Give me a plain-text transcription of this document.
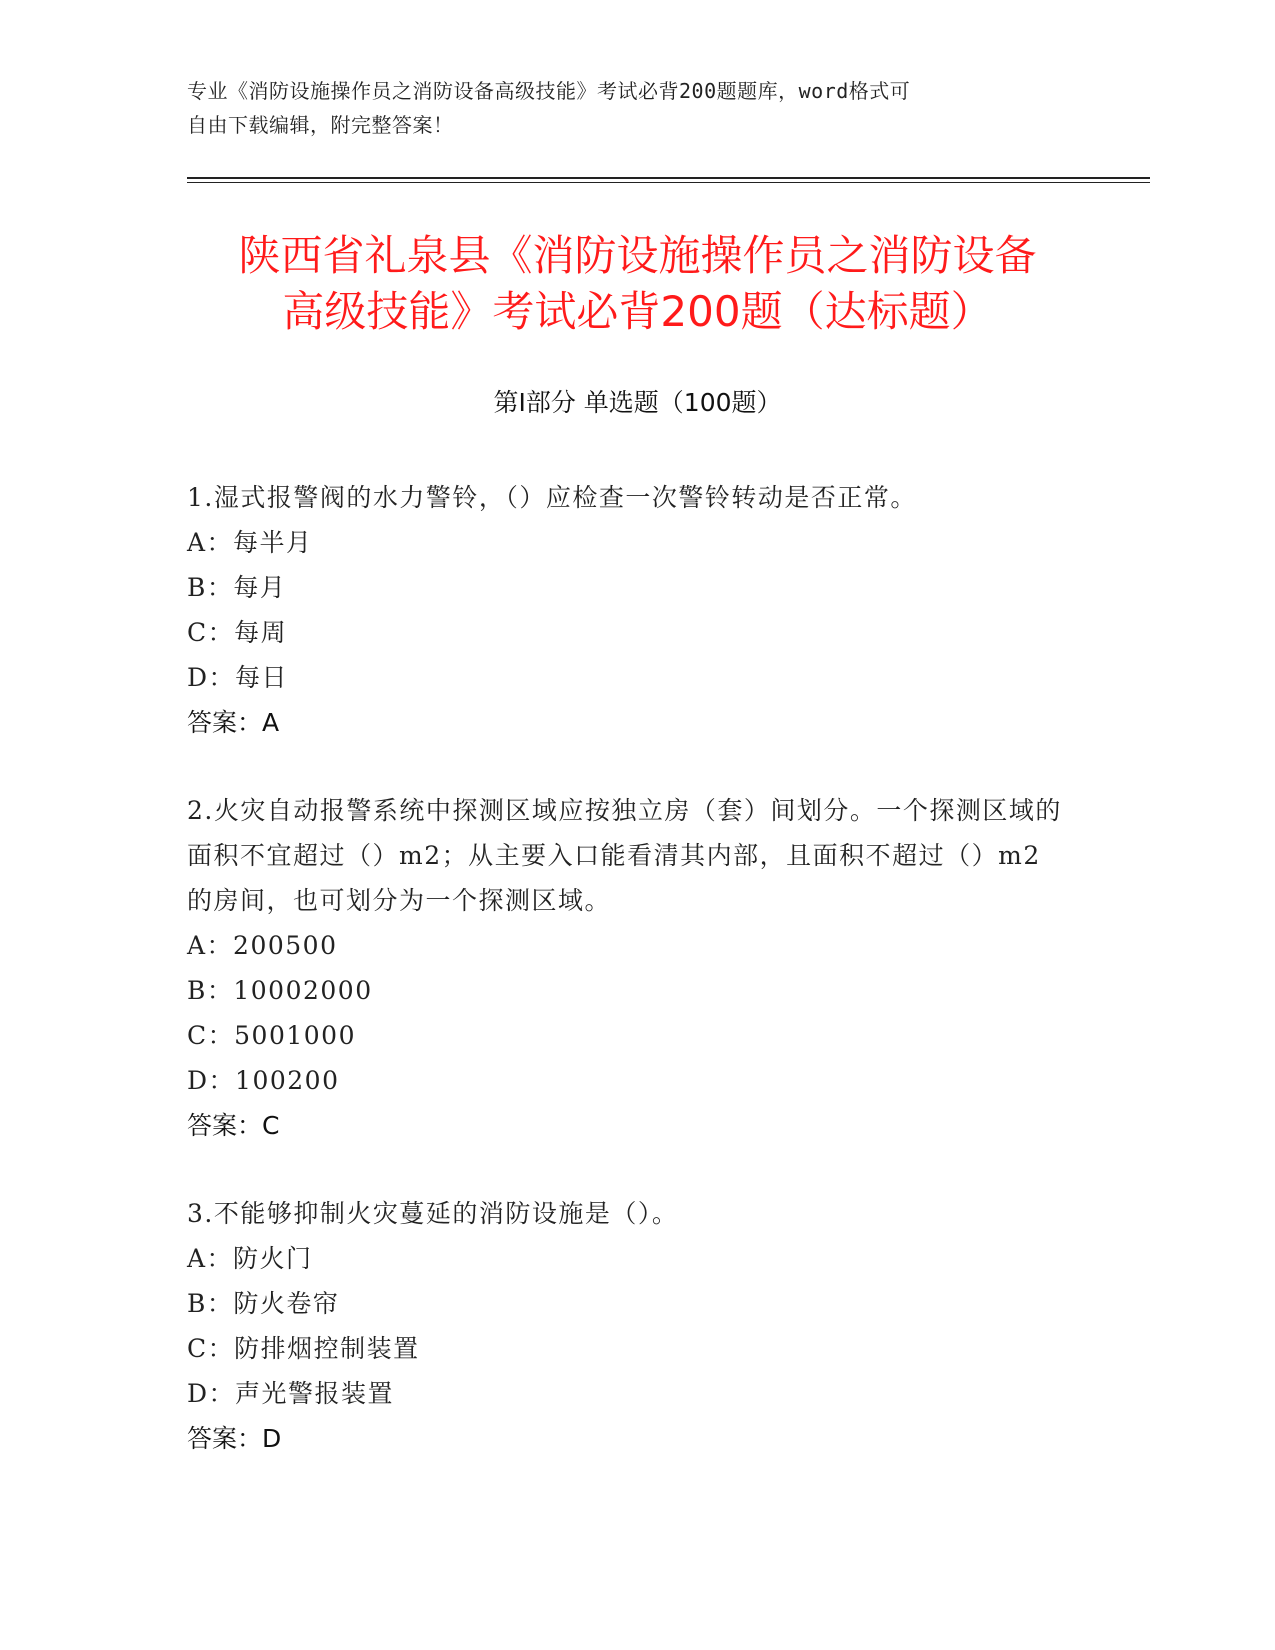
专业《消防设施操作员之消防设备高级技能》考试必背200题题库，word格式可
自由下载编辑，附完整答案！
陕西省礼泉县《消防设施操作员之消防设备
高级技能》考试必背200题（达标题）
第Ⅰ部分 单选题（100题）
1.湿式报警阀的水力警铃，（）应检查一次警铃转动是否正常。
A：每半月
B：每月
C：每周
D：每日
答案：A
2.火灾自动报警系统中探测区域应按独立房（套）间划分。一个探测区域的面积不宜超过（）m2；从主要入口能看清其内部，且面积不超过（）m2的房间，也可划分为一个探测区域。
A：200500
B：10002000
C：5001000
D：100200
答案：C
3.不能够抑制火灾蔓延的消防设施是（）。
A：防火门
B：防火卷帘
C：防排烟控制装置
D：声光警报装置
答案：D
